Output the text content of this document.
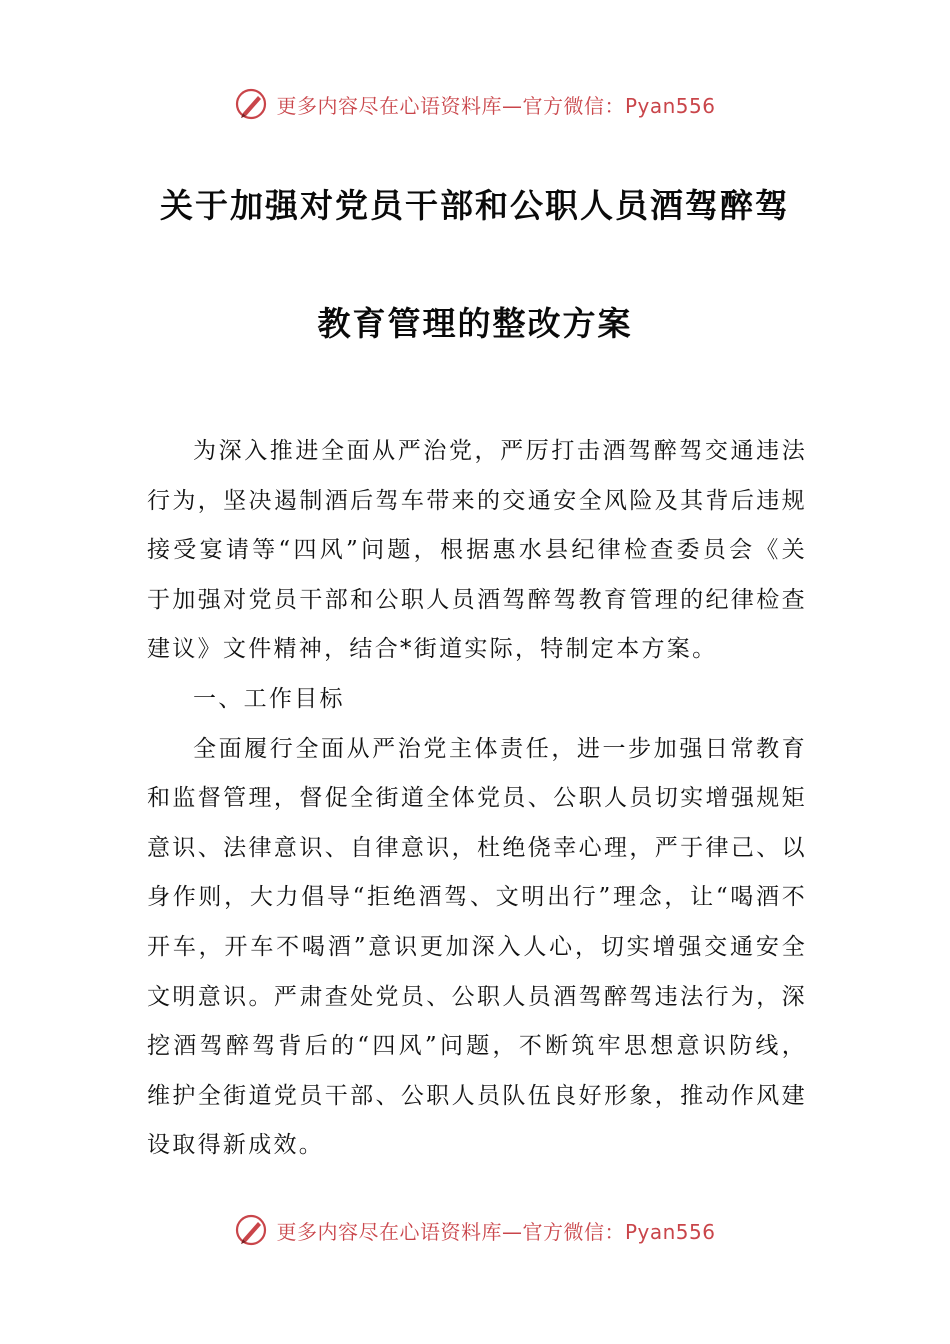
更多内容尽在心语资料库—官方微信：Pyan556
关于加强对党员干部和公职人员酒驾醉驾
教育管理的整改方案

为深入推进全面从严治党，严厉打击酒驾醉驾交通违法行为，坚决遏制酒后驾车带来的交通安全风险及其背后违规接受宴请等“四风”问题，根据惠水县纪律检查委员会《关于加强对党员干部和公职人员酒驾醉驾教育管理的纪律检查建议》文件精神，结合*街道实际，特制定本方案。

一、工作目标

全面履行全面从严治党主体责任，进一步加强日常教育和监督管理，督促全街道全体党员、公职人员切实增强规矩意识、法律意识、自律意识，杜绝侥幸心理，严于律己、以身作则，大力倡导“拒绝酒驾、文明出行”理念，让“喝酒不开车，开车不喝酒”意识更加深入人心，切实增强交通安全文明意识。严肃查处党员、公职人员酒驾醉驾违法行为，深挖酒驾醉驾背后的“四风”问题，不断筑牢思想意识防线，维护全街道党员干部、公职人员队伍良好形象，推动作风建设取得新成效。

更多内容尽在心语资料库—官方微信：Pyan556
